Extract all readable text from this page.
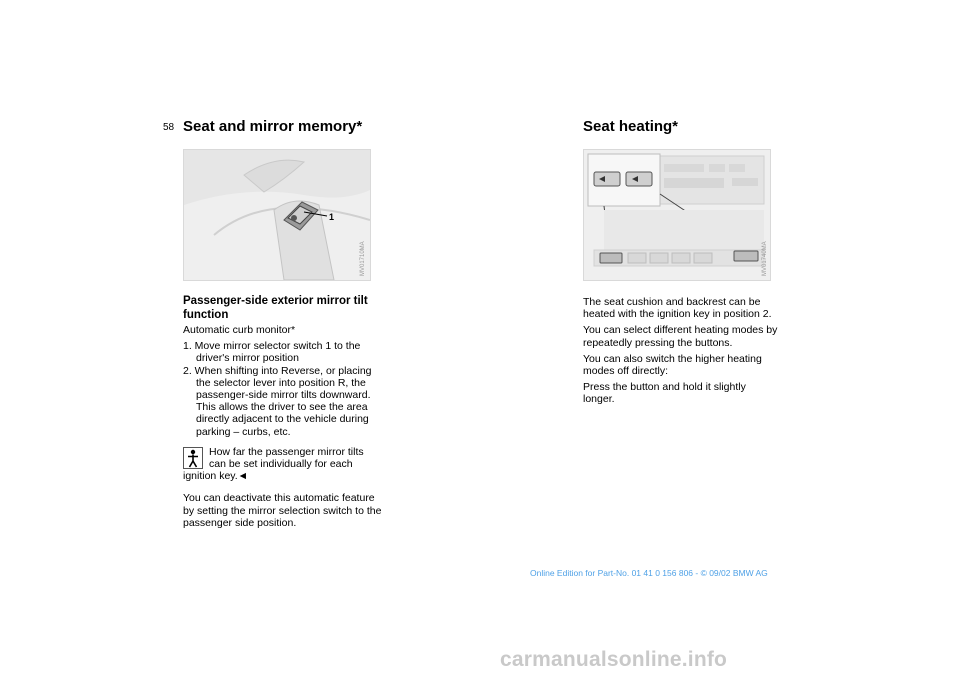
58 Seat and mirror memory*
1
MV01710MA
Passenger-side exterior mirror tilt function

Automatic curb monitor*

1. Move mirror selector switch 1 to the driver's mirror position
2. When shifting into Reverse, or placing the selector lever into position R, the passenger-side mirror tilts downward. This allows the driver to see the area directly adjacent to the vehicle during parking – curbs, etc.

How far the passenger mirror tilts can be set individually for each ignition key.◄

You can deactivate this automatic feature by setting the mirror selection switch to the passenger side position.

Seat heating*
MV01740MA

The seat cushion and backrest can be heated with the ignition key in position 2.

You can select different heating modes by repeatedly pressing the buttons.

You can also switch the higher heating modes off directly:

Press the button and hold it slightly longer.

Online Edition for Part-No. 01 41 0 156 806 - © 09/02 BMW AG
carmanualsonline.info
